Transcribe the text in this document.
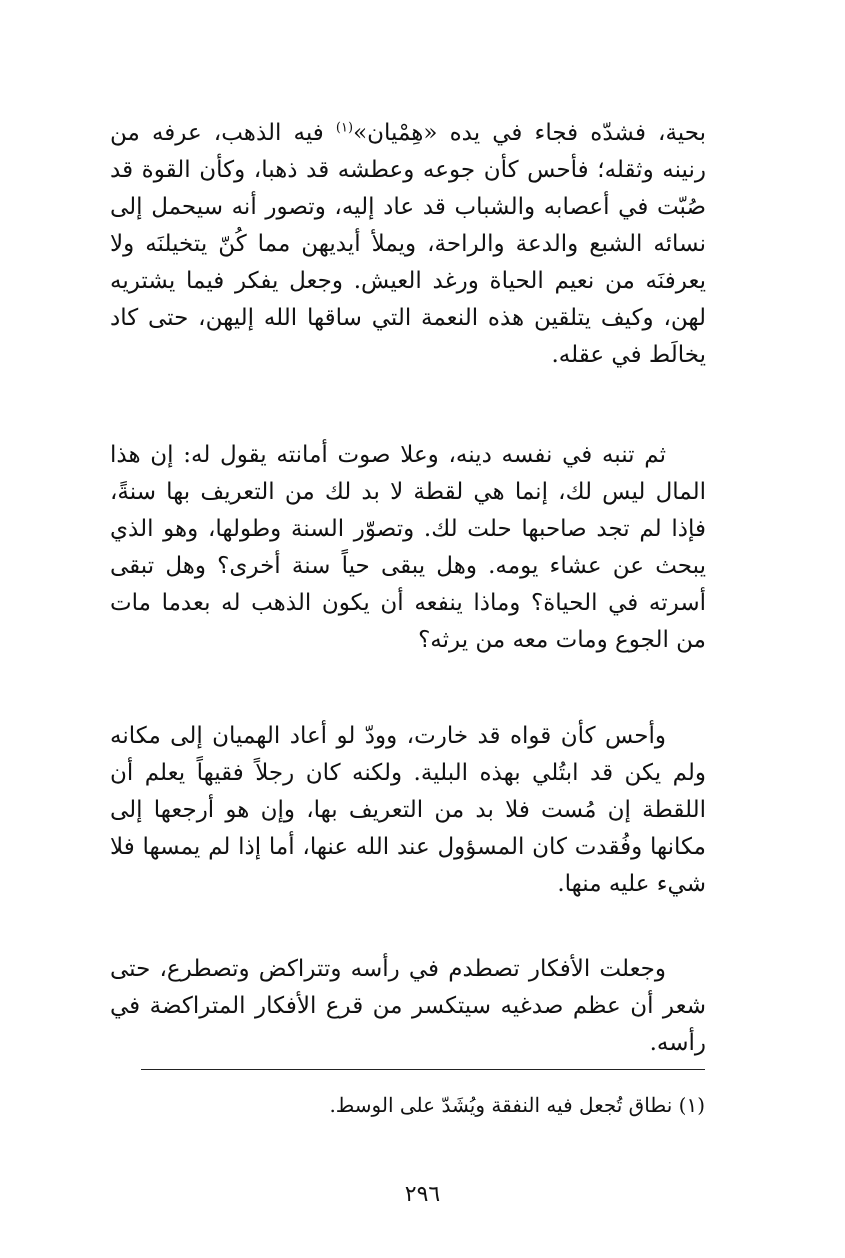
بحية، فشدّه فجاء في يده «هِمْيان»$^{(١)}$ فيه الذهب، عرفه من رنينه وثقله؛ فأحس كأن جوعه وعطشه قد ذهبا، وكأن القوة قد صُبّت في أعصابه والشباب قد عاد إليه، وتصور أنه سيحمل إلى نسائه الشبع والدعة والراحة، ويملأ أيديهن مما كُنّ يتخيلنَه ولا يعرفنَه من نعيم الحياة ورغد العيش. وجعل يفكر فيما يشتريه لهن، وكيف يتلقين هذه النعمة التي ساقها الله إليهن، حتى كاد يخالَط في عقله.

ثم تنبه في نفسه دينه، وعلا صوت أمانته يقول له: إن هذا المال ليس لك، إنما هي لقطة لا بد لك من التعريف بها سنةً، فإذا لم تجد صاحبها حلت لك. وتصوّر السنة وطولها، وهو الذي يبحث عن عشاء يومه. وهل يبقى حياً سنة أخرى؟ وهل تبقى أسرته في الحياة؟ وماذا ينفعه أن يكون الذهب له بعدما مات من الجوع ومات معه من يرثه؟

وأحس كأن قواه قد خارت، وودّ لو أعاد الهميان إلى مكانه ولم يكن قد ابتُلي بهذه البلية. ولكنه كان رجلاً فقيهاً يعلم أن اللقطة إن مُست فلا بد من التعريف بها، وإن هو أرجعها إلى مكانها وفُقدت كان المسؤول عند الله عنها، أما إذا لم يمسها فلا شيء عليه منها.

وجعلت الأفكار تصطدم في رأسه وتتراكض وتصطرع، حتى شعر أن عظم صدغيه سيتكسر من قرع الأفكار المتراكضة في رأسه.

(١) نطاق تُجعل فيه النفقة ويُشَدّ على الوسط.

٢٩٦
